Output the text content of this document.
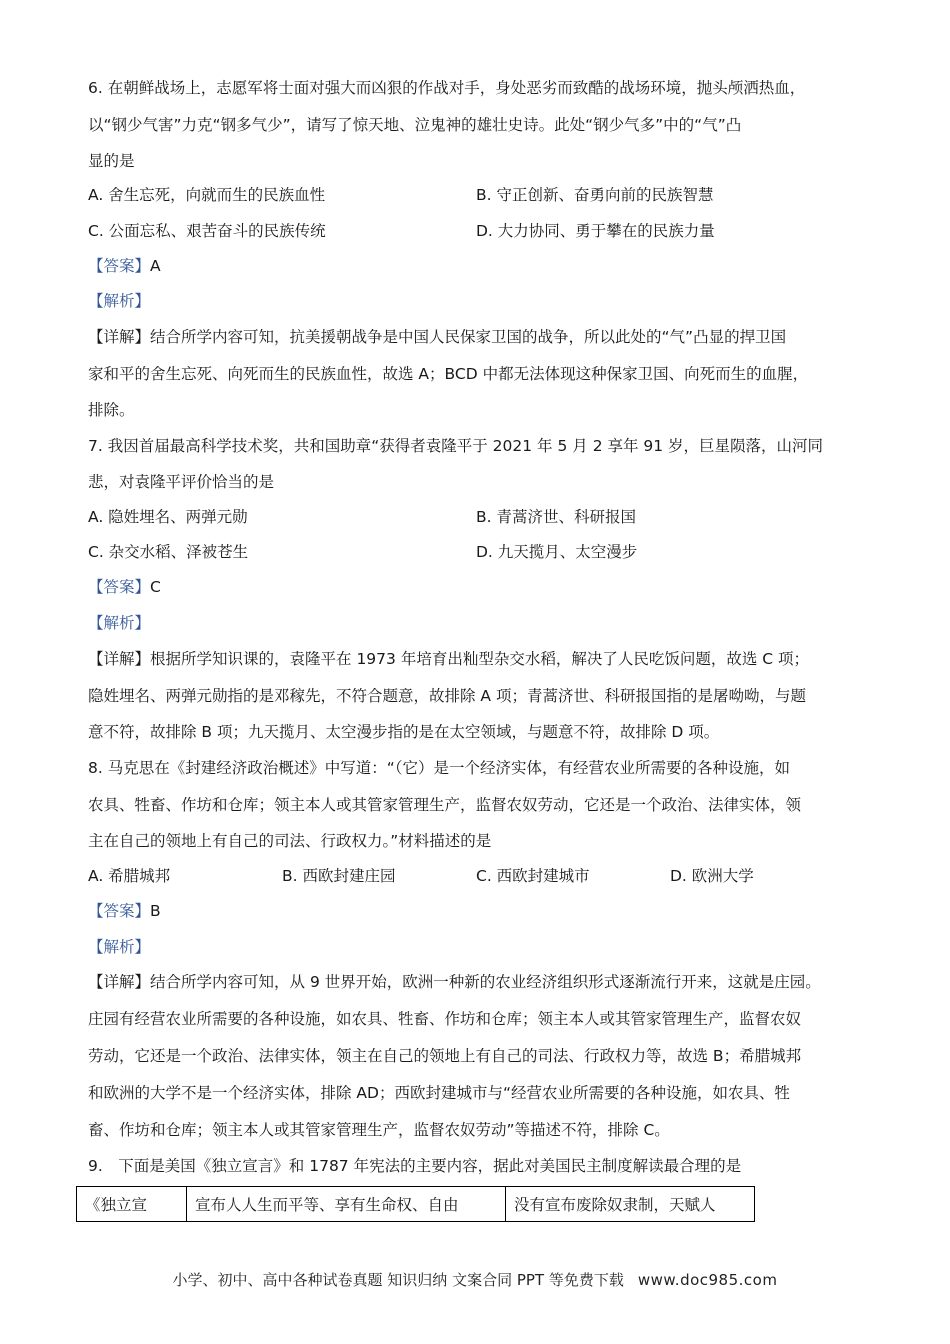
6. 在朝鲜战场上，志愿军将士面对强大而凶狠的作战对手，身处恶劣而致酷的战场环境，抛头颅洒热血，
以“钢少气害”力克“钢多气少”，请写了惊天地、泣鬼神的雄壮史诗。此处“钢少气多”中的“气”凸
显的是
A. 舍生忘死，向就而生的民族血性	B. 守正创新、奋勇向前的民族智慧
C. 公面忘私、艰苦奋斗的民族传统	D. 大力协同、勇于攀在的民族力量
【答案】A
【解析】
【详解】结合所学内容可知，抗美援朝战争是中国人民保家卫国的战争，所以此处的“气”凸显的捍卫国
家和平的舍生忘死、向死而生的民族血性，故选 A；BCD 中都无法体现这种保家卫国、向死而生的血腥，
排除。
7. 我因首届最高科学技术奖，共和国助章“获得者袁隆平于 2021 年 5 月 2 享年 91 岁，巨星陨落，山河同
悲，对袁隆平评价恰当的是
A. 隐姓埋名、两弹元勋	B. 青蒿济世、科研报国
C. 杂交水稻、泽被苍生	D. 九天揽月、太空漫步
【答案】C
【解析】
【详解】根据所学知识课的，袁隆平在 1973 年培育出籼型杂交水稻，解决了人民吃饭问题，故选 C 项；
隐姓埋名、两弹元勋指的是邓稼先，不符合题意，故排除 A 项；青蒿济世、科研报国指的是屠呦呦，与题
意不符，故排除 B 项；九天揽月、太空漫步指的是在太空领域，与题意不符，故排除 D 项。
8. 马克思在《封建经济政治概述》中写道：“（它）是一个经济实体，有经营农业所需要的各种设施，如
农具、牲畜、作坊和仓库；领主本人或其管家管理生产，监督农奴劳动，它还是一个政治、法律实体，领
主在自己的领地上有自己的司法、行政权力。”材料描述的是
A. 希腊城邦	B. 西欧封建庄园	C. 西欧封建城市	D. 欧洲大学
【答案】B
【解析】
【详解】结合所学内容可知，从 9 世界开始，欧洲一种新的农业经济组织形式逐渐流行开来，这就是庄园。
庄园有经营农业所需要的各种设施，如农具、牲畜、作坊和仓库；领主本人或其管家管理生产，监督农奴
劳动，它还是一个政治、法律实体，领主在自己的领地上有自己的司法、行政权力等，故选 B；希腊城邦
和欧洲的大学不是一个经济实体，排除 AD；西欧封建城市与“经营农业所需要的各种设施，如农具、牲
畜、作坊和仓库；领主本人或其管家管理生产，监督农奴劳动”等描述不符，排除 C。
9.　下面是美国《独立宣言》和 1787 年宪法的主要内容，据此对美国民主制度解读最合理的是
《独立宣	宣布人人生而平等、享有生命权、自由	没有宣布废除奴隶制，天赋人
小学、初中、高中各种试卷真题 知识归纳 文案合同 PPT 等免费下载 www.doc985.com
